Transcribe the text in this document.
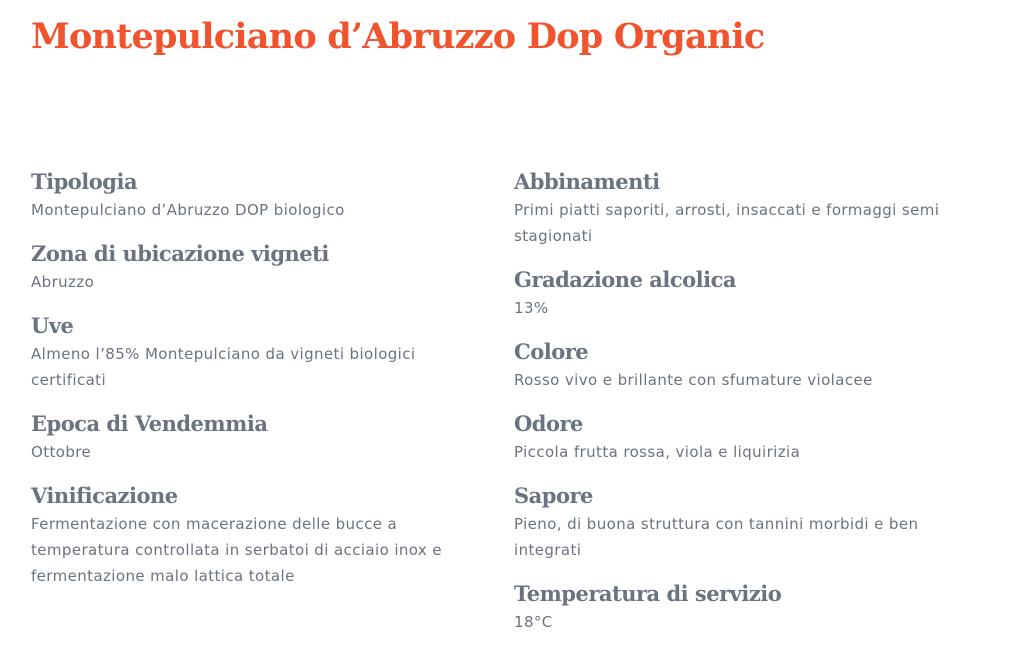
Montepulciano d’Abruzzo Dop Organic
Tipologia
Montepulciano d’Abruzzo DOP biologico
Zona di ubicazione vigneti
Abruzzo
Uve
Almeno l’85% Montepulciano da vigneti biologici certificati
Epoca di Vendemmia
Ottobre
Vinificazione
Fermentazione con macerazione delle bucce a temperatura controllata in serbatoi di acciaio inox e fermentazione malo lattica totale
Abbinamenti
Primi piatti saporiti, arrosti, insaccati e formaggi semi stagionati
Gradazione alcolica
13%
Colore
Rosso vivo e brillante con sfumature violacee
Odore
Piccola frutta rossa, viola e liquirizia
Sapore
Pieno, di buona struttura con tannini morbidi e ben integrati
Temperatura di servizio
18°C
